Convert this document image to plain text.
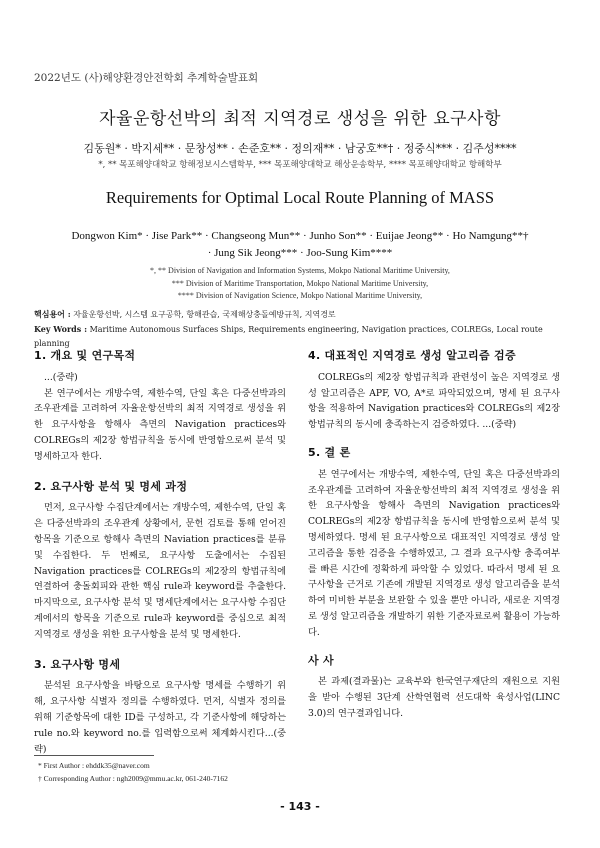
2022년도 (사)해양환경안전학회 추계학술발표회
자율운항선박의 최적 지역경로 생성을 위한 요구사항
김동원* · 박지세** · 문창성** · 손준호** · 정의재** · 남궁호**† · 정중식*** · 김주성****
*, ** 목포해양대학교 항해정보시스템학부, *** 목포해양대학교 해상운송학부, **** 목포해양대학교 항해학부
Requirements for Optimal Local Route Planning of MASS
Dongwon Kim* · Jise Park** · Changseong Mun** · Junho Son** · Euijae Jeong** · Ho Namgung**†
· Jung Sik Jeong*** · Joo-Sung Kim****
*, ** Division of Navigation and Information Systems, Mokpo National Maritime University,
*** Division of Maritime Transportation, Mokpo National Maritime University,
**** Division of Navigation Science, Mokpo National Maritime University,
핵심용어 : 자율운항선박, 시스템 요구공학, 항해관습, 국제해상충돌예방규칙, 지역경로
Key Words : Maritime Autonomous Surfaces Ships, Requirements engineering, Navigation practices, COLREGs, Local route planning
1. 개요 및 연구목적

...(중략)

본 연구에서는 개방수역, 제한수역, 단일 혹은 다중선박과의 조우관계를 고려하여 자율운항선박의 최적 지역경로 생성을 위한 요구사항을 항해사 측면의 Navigation practices와 COLREGs의 제2장 항법규칙을 동시에 반영함으로써 분석 및 명세하고자 한다.

2. 요구사항 분석 및 명세 과정

먼저, 요구사항 수집단계에서는 개방수역, 제한수역, 단일 혹은 다중선박과의 조우관계 상황에서, 문헌 검토를 통해 얻어진 항목을 기준으로 항해사 측면의 Naviation practices를 분류 및 수집한다. 두 번째로, 요구사항 도출에서는 수집된 Navigation practices를 COLREGs의 제2장의 항법규칙에 연결하여 충돌회피와 관한 핵심 rule과 keyword를 추출한다. 마지막으로, 요구사항 분석 및 명세단계에서는 요구사항 수집단계에서의 항목을 기준으로 rule과 keyword를 중심으로 최적 지역경로 생성을 위한 요구사항을 분석 및 명세한다.

3. 요구사항 명세

분석된 요구사항을 바탕으로 요구사항 명세를 수행하기 위해, 요구사항 식별자 정의를 수행하였다. 먼저, 식별자 정의를 위해 기준항목에 대한 ID를 구성하고, 각 기준사항에 해당하는 rule no.와 keyword no.를 입력함으로써 체계화시킨다...(중략)

4. 대표적인 지역경로 생성 알고리즘 검증

COLREGs의 제2장 항법규칙과 관련성이 높은 지역경로 생성 알고리즘은 APF, VO, A*로 파악되었으며, 명세 된 요구사항을 적용하여 Navigation practices와 COLREGs의 제2장 항법규칙의 동시에 충족하는지 검증하였다. ...(중략)

5. 결 론

본 연구에서는 개방수역, 제한수역, 단일 혹은 다중선박과의 조우관계를 고려하여 자율운항선박의 최적 지역경로 생성을 위한 요구사항을 항해사 측면의 Navigation practices와 COLREGs의 제2장 항법규칙을 동시에 반영함으로써 분석 및 명세하였다. 명세 된 요구사항으로 대표적인 지역경로 생성 알고리즘을 통한 검증을 수행하였고, 그 결과 요구사항 충족여부를 빠른 시간에 정확하게 파악할 수 있었다. 따라서 명세 된 요구사항을 근거로 기존에 개발된 지역경로 생성 알고리즘을 분석하여 미비한 부분을 보완할 수 있을 뿐만 아니라, 새로운 지역경로 생성 알고리즘을 개발하기 위한 기준자료로써 활용이 가능하다.

사 사

본 과제(결과물)는 교육부와 한국연구재단의 재원으로 지원을 받아 수행된 3단계 산학연협력 선도대학 육성사업(LINC 3.0)의 연구결과입니다.

* First Author : ehddk35@naver.com
† Corresponding Author : ngh2009@mmu.ac.kr, 061-240-7162
- 143 -
